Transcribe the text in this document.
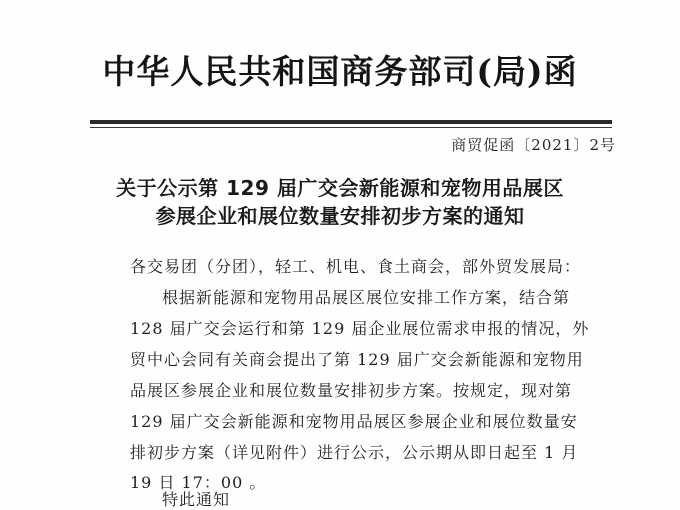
中华人民共和国商务部司(局)函
商贸促函〔2021〕2号
关于公示第 129 届广交会新能源和宠物用品展区
参展企业和展位数量安排初步方案的通知
各交易团（分团），轻工、机电、食土商会，部外贸发展局：
根据新能源和宠物用品展区展位安排工作方案，结合第
128 届广交会运行和第 129 届企业展位需求申报的情况，外
贸中心会同有关商会提出了第 129 届广交会新能源和宠物用
品展区参展企业和展位数量安排初步方案。按规定，现对第
129 届广交会新能源和宠物用品展区参展企业和展位数量安
排初步方案（详见附件）进行公示，公示期从即日起至 1 月
19 日 17：00 。
特此通知
